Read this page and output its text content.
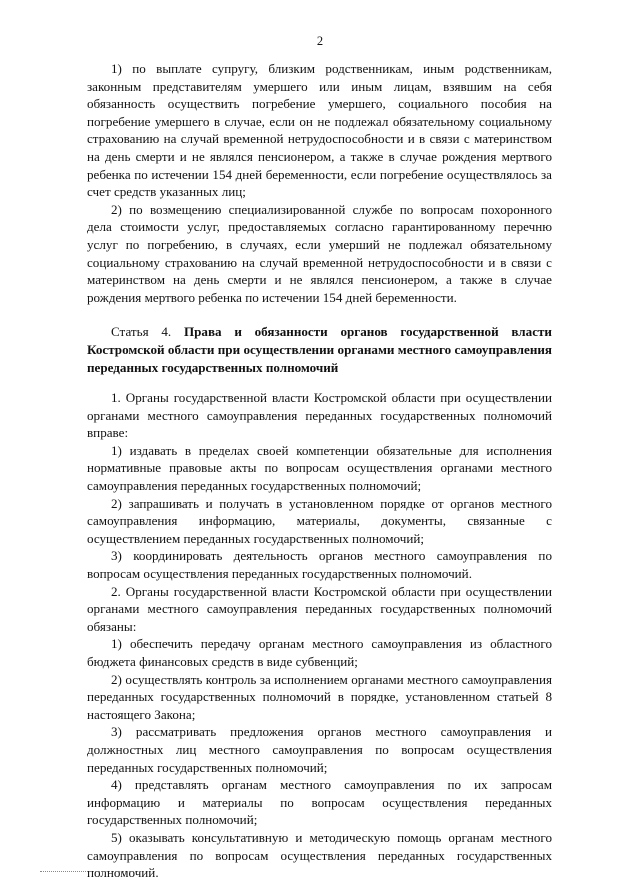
2

1) по выплате супругу, близким родственникам, иным родственникам, законным представителям умершего или иным лицам, взявшим на себя обязанность осуществить погребение умершего, социального пособия на погребение умершего в случае, если он не подлежал обязательному социальному страхованию на случай временной нетрудоспособности и в связи с материнством на день смерти и не являлся пенсионером, а также в случае рождения мертвого ребенка по истечении 154 дней беременности, если погребение осуществлялось за счет средств указанных лиц;

2) по возмещению специализированной службе по вопросам похоронного дела стоимости услуг, предоставляемых согласно гарантированному перечню услуг по погребению, в случаях, если умерший не подлежал обязательному социальному страхованию на случай временной нетрудоспособности и в связи с материнством на день смерти и не являлся пенсионером, а также в случае рождения мертвого ребенка по истечении 154 дней беременности.

Статья 4. Права и обязанности органов государственной власти Костромской области при осуществлении органами местного самоуправления переданных государственных полномочий

1. Органы государственной власти Костромской области при осуществлении органами местного самоуправления переданных государственных полномочий вправе:

1) издавать в пределах своей компетенции обязательные для исполнения нормативные правовые акты по вопросам осуществления органами местного самоуправления переданных государственных полномочий;

2) запрашивать и получать в установленном порядке от органов местного самоуправления информацию, материалы, документы, связанные с осуществлением переданных государственных полномочий;

3) координировать деятельность органов местного самоуправления по вопросам осуществления переданных государственных полномочий.

2. Органы государственной власти Костромской области при осуществлении органами местного самоуправления переданных государственных полномочий обязаны:

1) обеспечить передачу органам местного самоуправления из областного бюджета финансовых средств в виде субвенций;

2) осуществлять контроль за исполнением органами местного самоуправления переданных государственных полномочий в порядке, установленном статьей 8 настоящего Закона;

3) рассматривать предложения органов местного самоуправления и должностных лиц местного самоуправления по вопросам осуществления переданных государственных полномочий;

4) представлять органам местного самоуправления по их запросам информацию и материалы по вопросам осуществления переданных государственных полномочий;

5) оказывать консультативную и методическую помощь органам местного самоуправления по вопросам осуществления переданных государственных полномочий.
